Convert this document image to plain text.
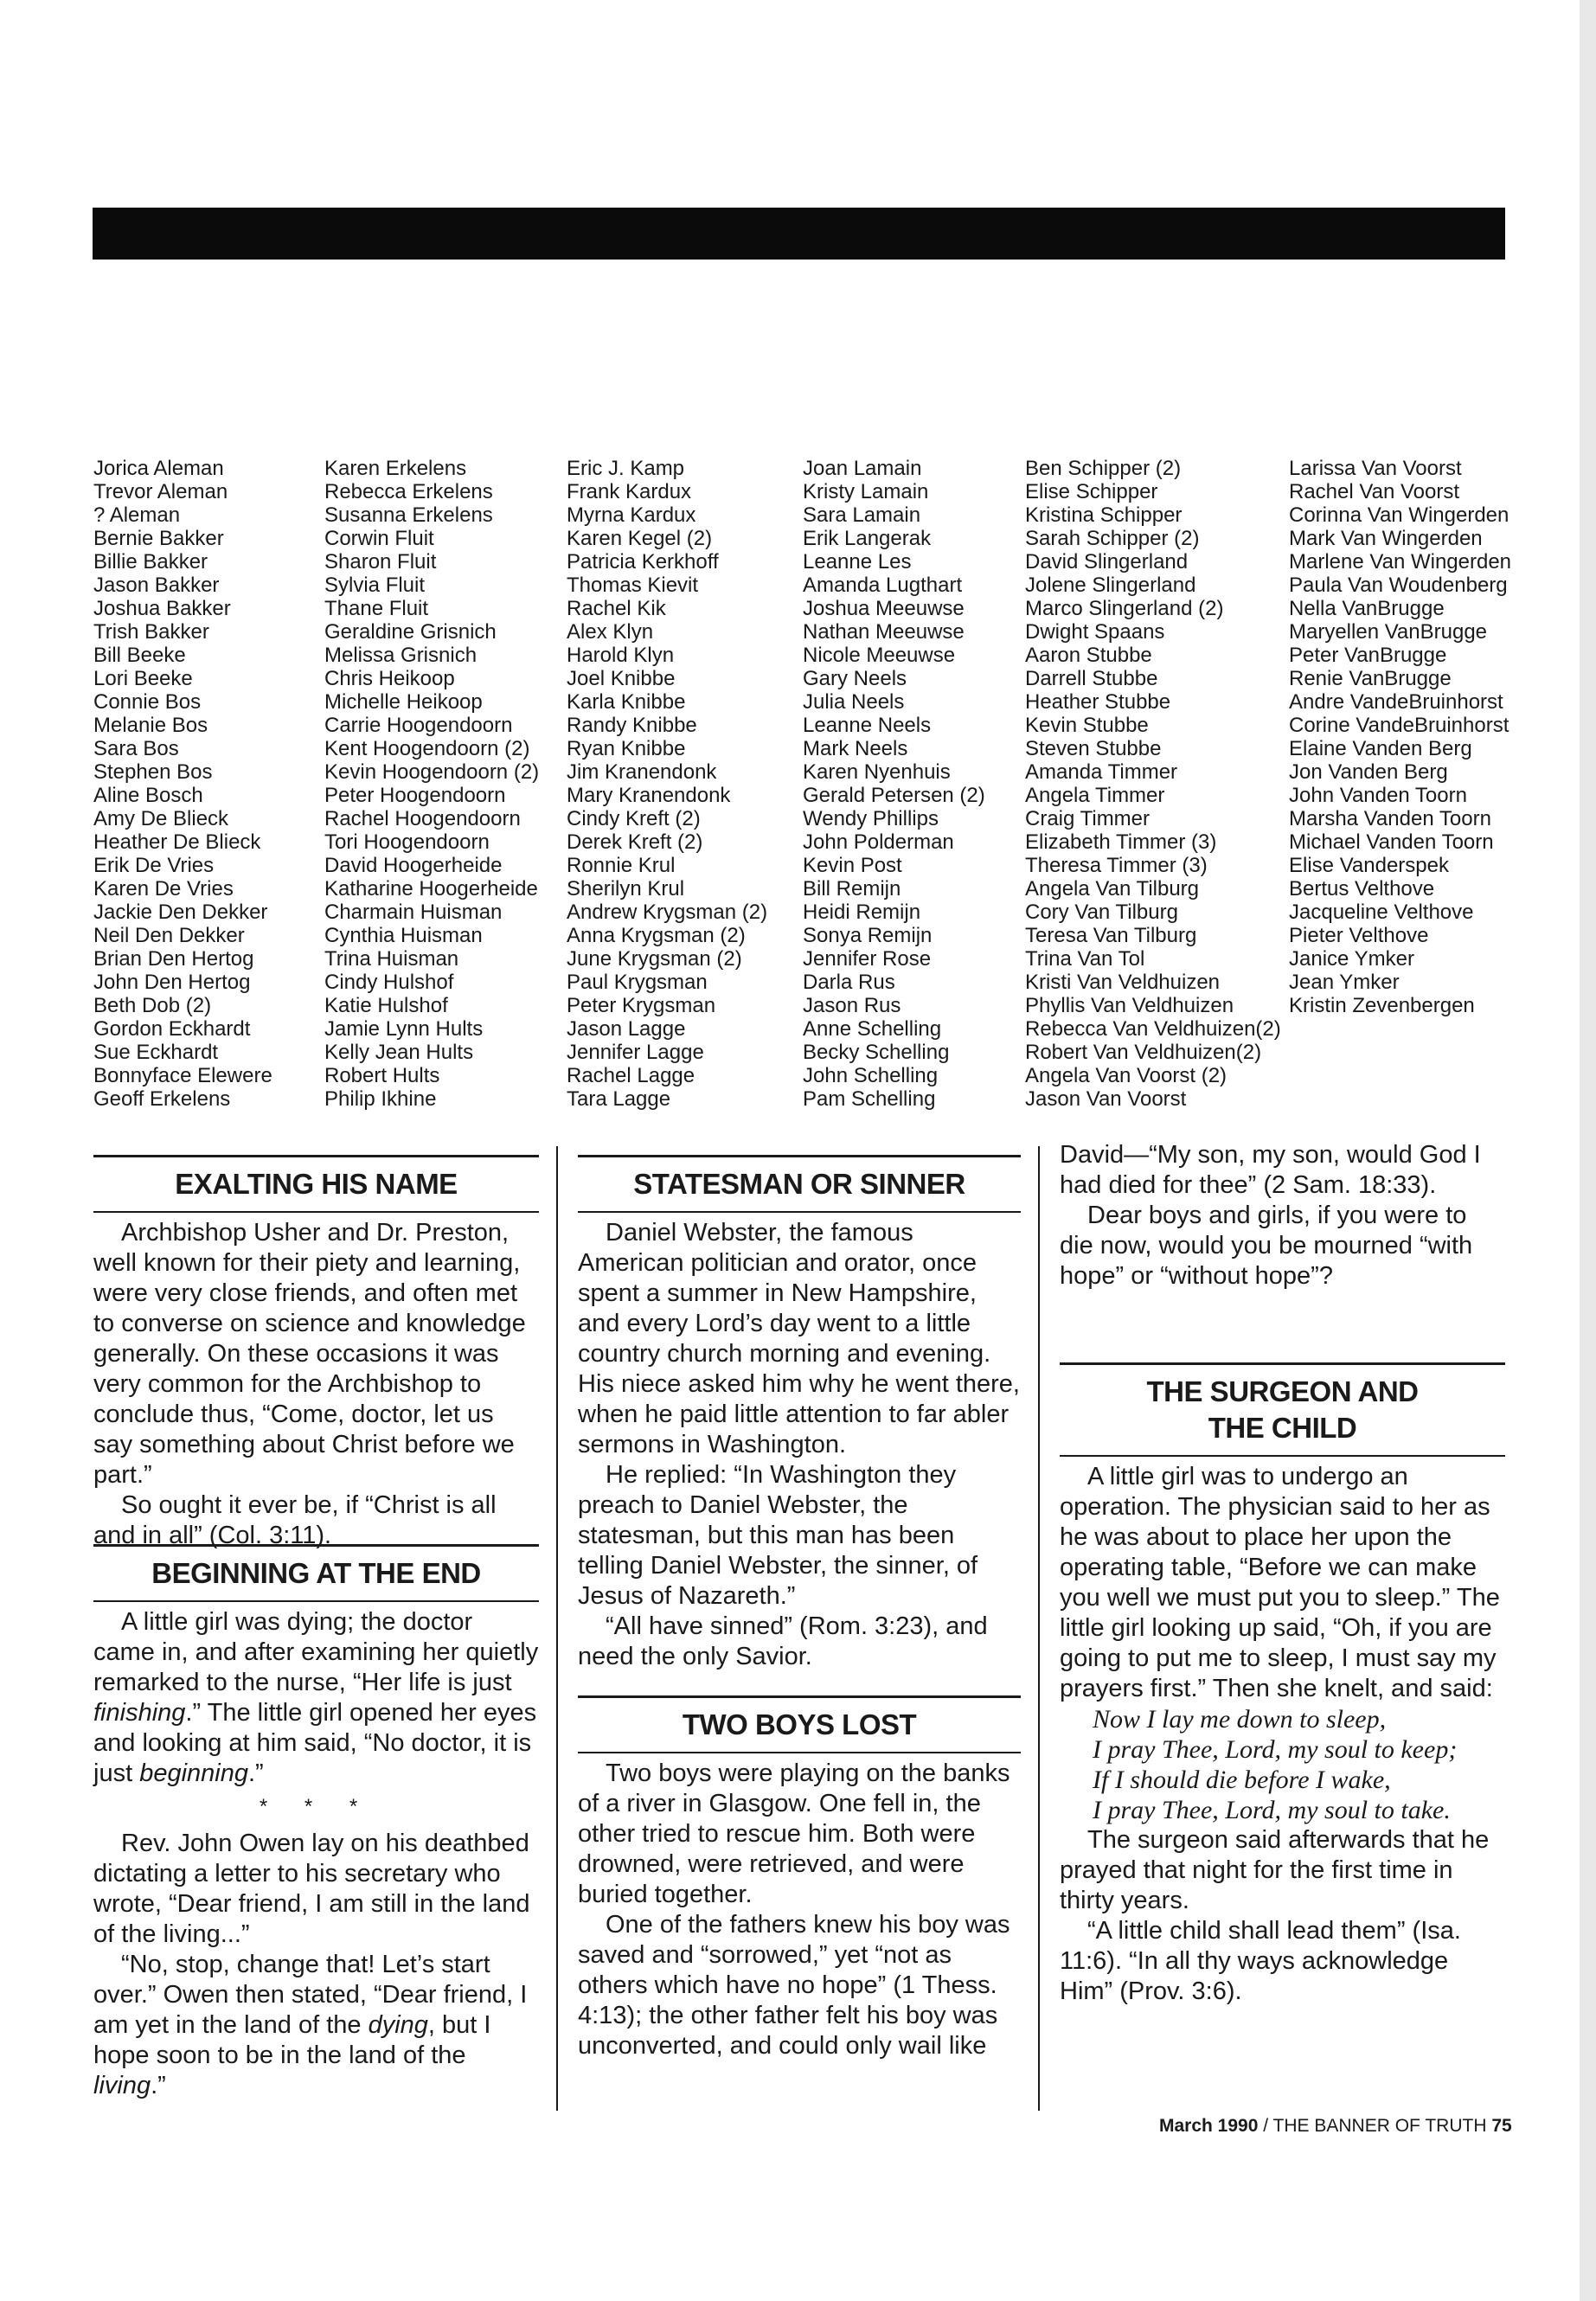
Jorica Aleman
Trevor Aleman
? Aleman
Bernie Bakker
Billie Bakker
Jason Bakker
Joshua Bakker
Trish Bakker
Bill Beeke
Lori Beeke
Connie Bos
Melanie Bos
Sara Bos
Stephen Bos
Aline Bosch
Amy De Blieck
Heather De Blieck
Erik De Vries
Karen De Vries
Jackie Den Dekker
Neil Den Dekker
Brian Den Hertog
John Den Hertog
Beth Dob (2)
Gordon Eckhardt
Sue Eckhardt
Bonnyface Elewere
Geoff Erkelens
Karen Erkelens
Rebecca Erkelens
Susanna Erkelens
Corwin Fluit
Sharon Fluit
Sylvia Fluit
Thane Fluit
Geraldine Grisnich
Melissa Grisnich
Chris Heikoop
Michelle Heikoop
Carrie Hoogendoorn
Kent Hoogendoorn (2)
Kevin Hoogendoorn (2)
Peter Hoogendoorn
Rachel Hoogendoorn
Tori Hoogendoorn
David Hoogerheide
Katharine Hoogerheide
Charmain Huisman
Cynthia Huisman
Trina Huisman
Cindy Hulshof
Katie Hulshof
Jamie Lynn Hults
Kelly Jean Hults
Robert Hults
Philip Ikhine
Eric J. Kamp
Frank Kardux
Myrna Kardux
Karen Kegel (2)
Patricia Kerkhoff
Thomas Kievit
Rachel Kik
Alex Klyn
Harold Klyn
Joel Knibbe
Karla Knibbe
Randy Knibbe
Ryan Knibbe
Jim Kranendonk
Mary Kranendonk
Cindy Kreft (2)
Derek Kreft (2)
Ronnie Krul
Sherilyn Krul
Andrew Krygsman (2)
Anna Krygsman (2)
June Krygsman (2)
Paul Krygsman
Peter Krygsman
Jason Lagge
Jennifer Lagge
Rachel Lagge
Tara Lagge
Joan Lamain
Kristy Lamain
Sara Lamain
Erik Langerak
Leanne Les
Amanda Lugthart
Joshua Meeuwse
Nathan Meeuwse
Nicole Meeuwse
Gary Neels
Julia Neels
Leanne Neels
Mark Neels
Karen Nyenhuis
Gerald Petersen (2)
Wendy Phillips
John Polderman
Kevin Post
Bill Remijn
Heidi Remijn
Sonya Remijn
Jennifer Rose
Darla Rus
Jason Rus
Anne Schelling
Becky Schelling
John Schelling
Pam Schelling
Ben Schipper (2)
Elise Schipper
Kristina Schipper
Sarah Schipper (2)
David Slingerland
Jolene Slingerland
Marco Slingerland (2)
Dwight Spaans
Aaron Stubbe
Darrell Stubbe
Heather Stubbe
Kevin Stubbe
Steven Stubbe
Amanda Timmer
Angela Timmer
Craig Timmer
Elizabeth Timmer (3)
Theresa Timmer (3)
Angela Van Tilburg
Cory Van Tilburg
Teresa Van Tilburg
Trina Van Tol
Kristi Van Veldhuizen
Phyllis Van Veldhuizen
Rebecca Van Veldhuizen(2)
Robert Van Veldhuizen(2)
Angela Van Voorst (2)
Jason Van Voorst
Larissa Van Voorst
Rachel Van Voorst
Corinna Van Wingerden
Mark Van Wingerden
Marlene Van Wingerden
Paula Van Woudenberg
Nella VanBrugge
Maryellen VanBrugge
Peter VanBrugge
Renie VanBrugge
Andre VandeBruinhorst
Corine VandeBruinhorst
Elaine Vanden Berg
Jon Vanden Berg
John Vanden Toorn
Marsha Vanden Toorn
Michael Vanden Toorn
Elise Vanderspek
Bertus Velthove
Jacqueline Velthove
Pieter Velthove
Janice Ymker
Jean Ymker
Kristin Zevenbergen
EXALTING HIS NAME

Archbishop Usher and Dr. Preston, well known for their piety and learning, were very close friends, and often met to converse on science and knowledge generally. On these occasions it was very common for the Archbishop to conclude thus, “Come, doctor, let us say something about Christ before we part.”

So ought it ever be, if “Christ is all and in all” (Col. 3:11).

BEGINNING AT THE END

A little girl was dying; the doctor came in, and after examining her quietly remarked to the nurse, “Her life is just finishing.” The little girl opened her eyes and looking at him said, “No doctor, it is just beginning.”

* * *

Rev. John Owen lay on his deathbed dictating a letter to his secretary who wrote, “Dear friend, I am still in the land of the living...”

“No, stop, change that! Let’s start over.” Owen then stated, “Dear friend, I am yet in the land of the dying, but I hope soon to be in the land of the living.”

STATESMAN OR SINNER

Daniel Webster, the famous American politician and orator, once spent a summer in New Hampshire, and every Lord’s day went to a little country church morning and evening. His niece asked him why he went there, when he paid little attention to far abler sermons in Washington.

He replied: “In Washington they preach to Daniel Webster, the statesman, but this man has been telling Daniel Webster, the sinner, of Jesus of Nazareth.”

“All have sinned” (Rom. 3:23), and need the only Savior.

TWO BOYS LOST

Two boys were playing on the banks of a river in Glasgow. One fell in, the other tried to rescue him. Both were drowned, were retrieved, and were buried together.

One of the fathers knew his boy was saved and “sorrowed,” yet “not as others which have no hope” (1 Thess. 4:13); the other father felt his boy was unconverted, and could only wail like

David—“My son, my son, would God I had died for thee” (2 Sam. 18:33).

Dear boys and girls, if you were to die now, would you be mourned “with hope” or “without hope”?

THE SURGEON AND
THE CHILD

A little girl was to undergo an operation. The physician said to her as he was about to place her upon the operating table, “Before we can make you well we must put you to sleep.” The little girl looking up said, “Oh, if you are going to put me to sleep, I must say my prayers first.” Then she knelt, and said:

Now I lay me down to sleep,
I pray Thee, Lord, my soul to keep;
If I should die before I wake,
I pray Thee, Lord, my soul to take.

The surgeon said afterwards that he prayed that night for the first time in thirty years.

“A little child shall lead them” (Isa. 11:6). “In all thy ways acknowledge Him” (Prov. 3:6).

March 1990 / THE BANNER OF TRUTH 75
